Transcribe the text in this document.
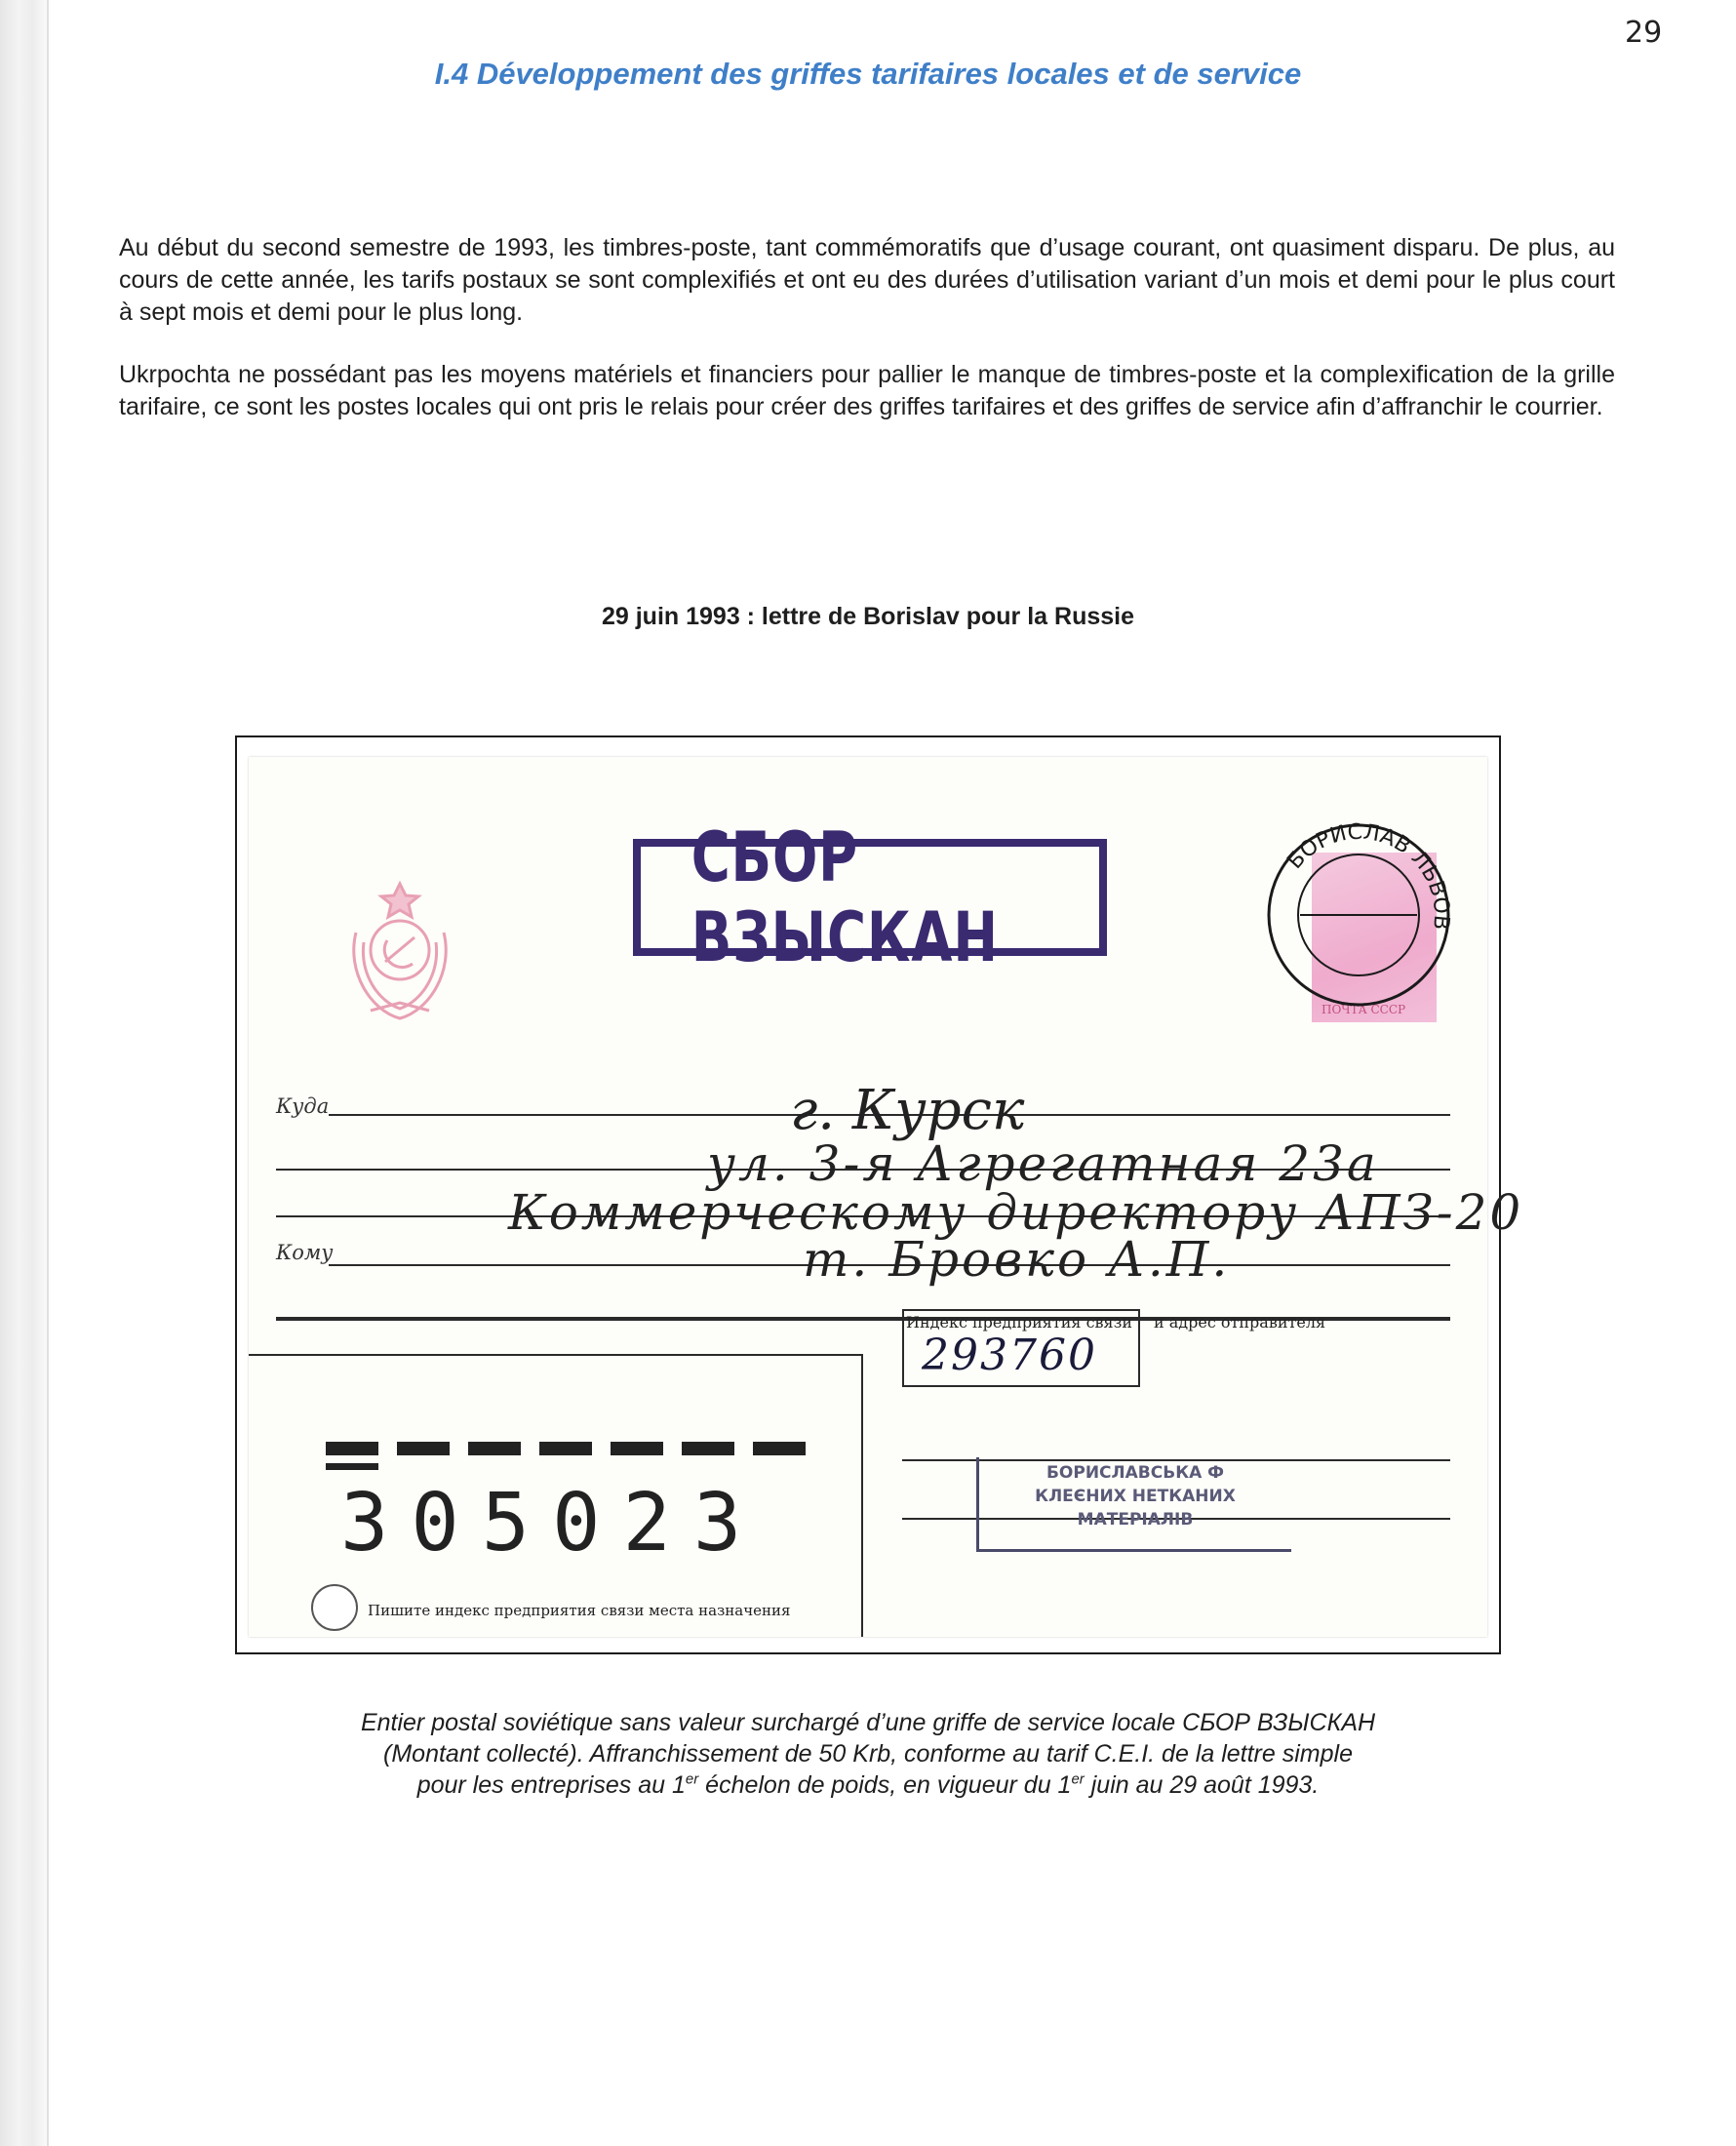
29
I.4 Développement des griffes tarifaires locales et de service
Au début du second semestre de 1993, les timbres-poste, tant commémoratifs que d’usage courant, ont quasiment disparu. De plus, au cours de cette année, les tarifs postaux se sont complexifiés et ont eu des durées d’utilisation variant d’un mois et demi pour le plus court à sept mois et demi pour le plus long.
Ukrpochta ne possédant pas les moyens matériels et financiers pour pallier le manque de timbres-poste et la complexification de la grille tarifaire, ce sont les postes locales qui ont pris le relais pour créer des griffes tarifaires et des griffes de service afin d’affranchir le courrier.
29 juin 1993 : lettre de Borislav pour la Russie
СБОР ВЗЫСКАН
ПОЧТА СССР
БОРИСЛАВ ЛЬВОВ
Куда
Кому
г. Курск
ул. 3-я Агрегатная 23а
Коммерческому директору АПЗ-20
т. Бровко А.П.
Индекс предприятия связи и адрес отправителя
293760
БОРИСЛАВСЬКА Ф
КЛЕЄНИХ НЕТКАНИХ
МАТЕРІАЛІВ
305023
Пишите индекс предприятия связи места назначения
Entier postal soviétique sans valeur surchargé d’une griffe de service locale СБОР ВЗЫСКАН
(Montant collecté). Affranchissement de 50 Krb, conforme au tarif C.E.I. de la lettre simple
pour les entreprises au 1er échelon de poids, en vigueur du 1er juin au 29 août 1993.
